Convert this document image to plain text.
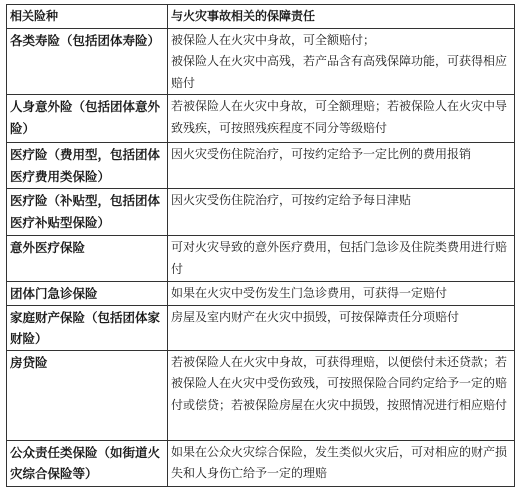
相关险种	与火灾事故相关的保障责任
各类寿险（包括团体寿险）	被保险人在火灾中身故，可全额赔付；
被保险人在火灾中高残，若产品含有高残保障功能，可获得相应赔付

人身意外险（包括团体意外险）	若被保险人在火灾中身故，可全额理赔；若被保险人在火灾中导致残疾，可按照残疾程度不同分等级赔付
医疗险（费用型，包括团体医疗费用类保险）	因火灾受伤住院治疗，可按约定给予一定比例的费用报销
医疗险（补贴型，包括团体医疗补贴型保险）	因火灾受伤住院治疗，可按约定给予每日津贴
意外医疗保险	可对火灾导致的意外医疗费用，包括门急诊及住院类费用进行赔付
团体门急诊保险	如果在火灾中受伤发生门急诊费用，可获得一定赔付
家庭财产保险（包括团体家财险）	房屋及室内财产在火灾中损毁，可按保障责任分项赔付
房贷险	若被保险人在火灾中身故，可获得理赔，以便偿付未还贷款；若被保险人在火灾中受伤致残，可按照保险合同约定给予一定的赔付或偿贷；若被保险房屋在火灾中损毁，按照情况进行相应赔付
公众责任类保险（如街道火灾综合保险等）	如果在公众火灾综合保险，发生类似火灾后，可对相应的财产损失和人身伤亡给予一定的理赔
